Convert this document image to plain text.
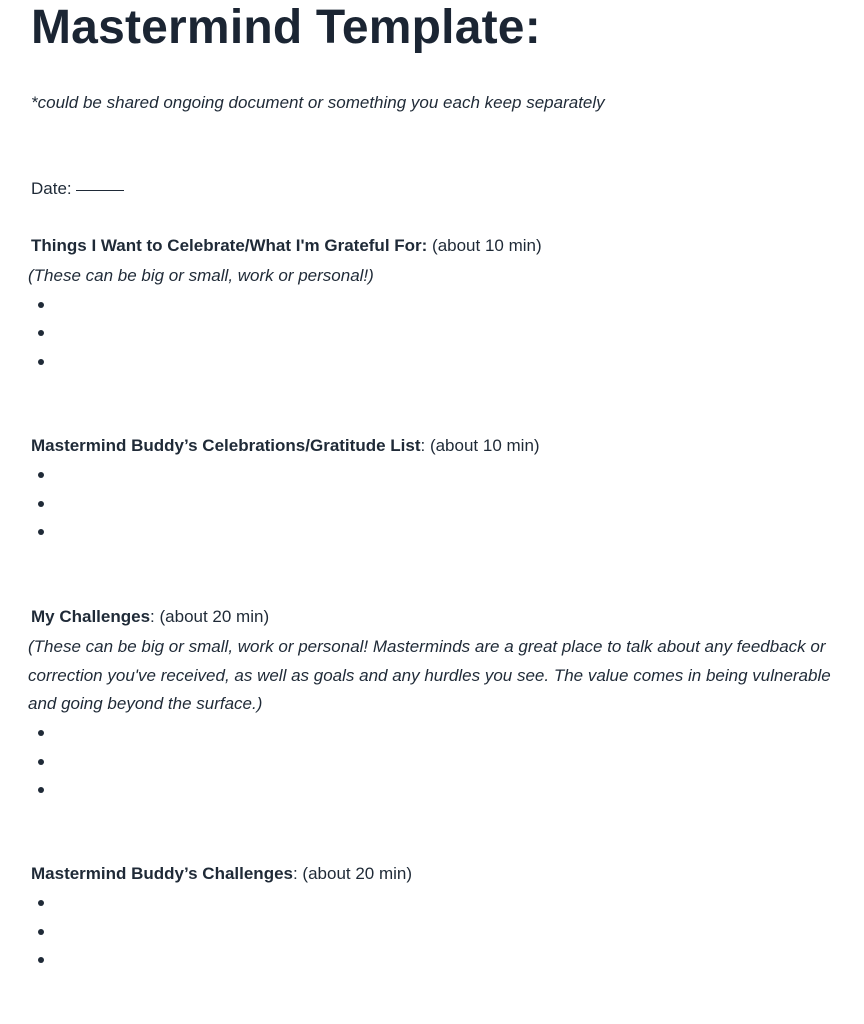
Mastermind Template:
*could be shared ongoing document or something you each keep separately
Date:
Things I Want to Celebrate/What I'm Grateful For: (about 10 min)
(These can be big or small, work or personal!)
Mastermind Buddy’s Celebrations/Gratitude List: (about 10 min)
My Challenges: (about 20 min)
(These can be big or small, work or personal! Masterminds are a great place to talk about any feedback or correction you've received, as well as goals and any hurdles you see. The value comes in being vulnerable and going beyond the surface.)
Mastermind Buddy’s Challenges: (about 20 min)
